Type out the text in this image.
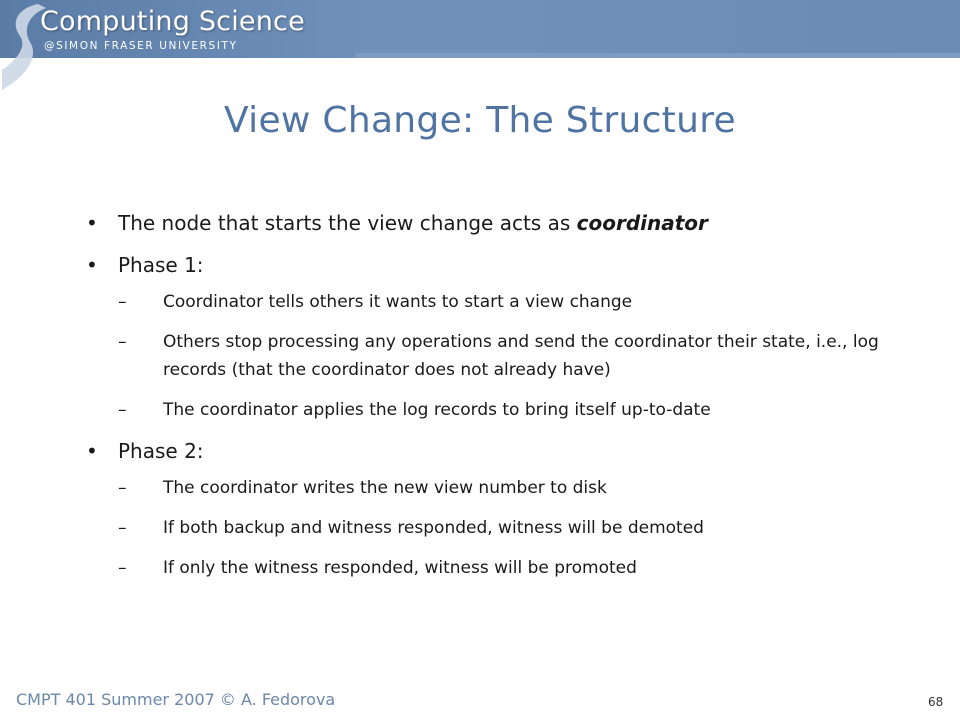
Computing Science

@SIMON FRASER UNIVERSITY

View Change: The Structure
• The node that starts the view change acts as coordinator
• Phase 1:
– Coordinator tells others it wants to start a view change
– Others stop processing any operations and send the coordinator their state, i.e., log records (that the coordinator does not already have)
– The coordinator applies the log records to bring itself up-to-date
• Phase 2:
– The coordinator writes the new view number to disk
– If both backup and witness responded, witness will be demoted
– If only the witness responded, witness will be promoted

CMPT 401 Summer 2007 © A. Fedorova	68
